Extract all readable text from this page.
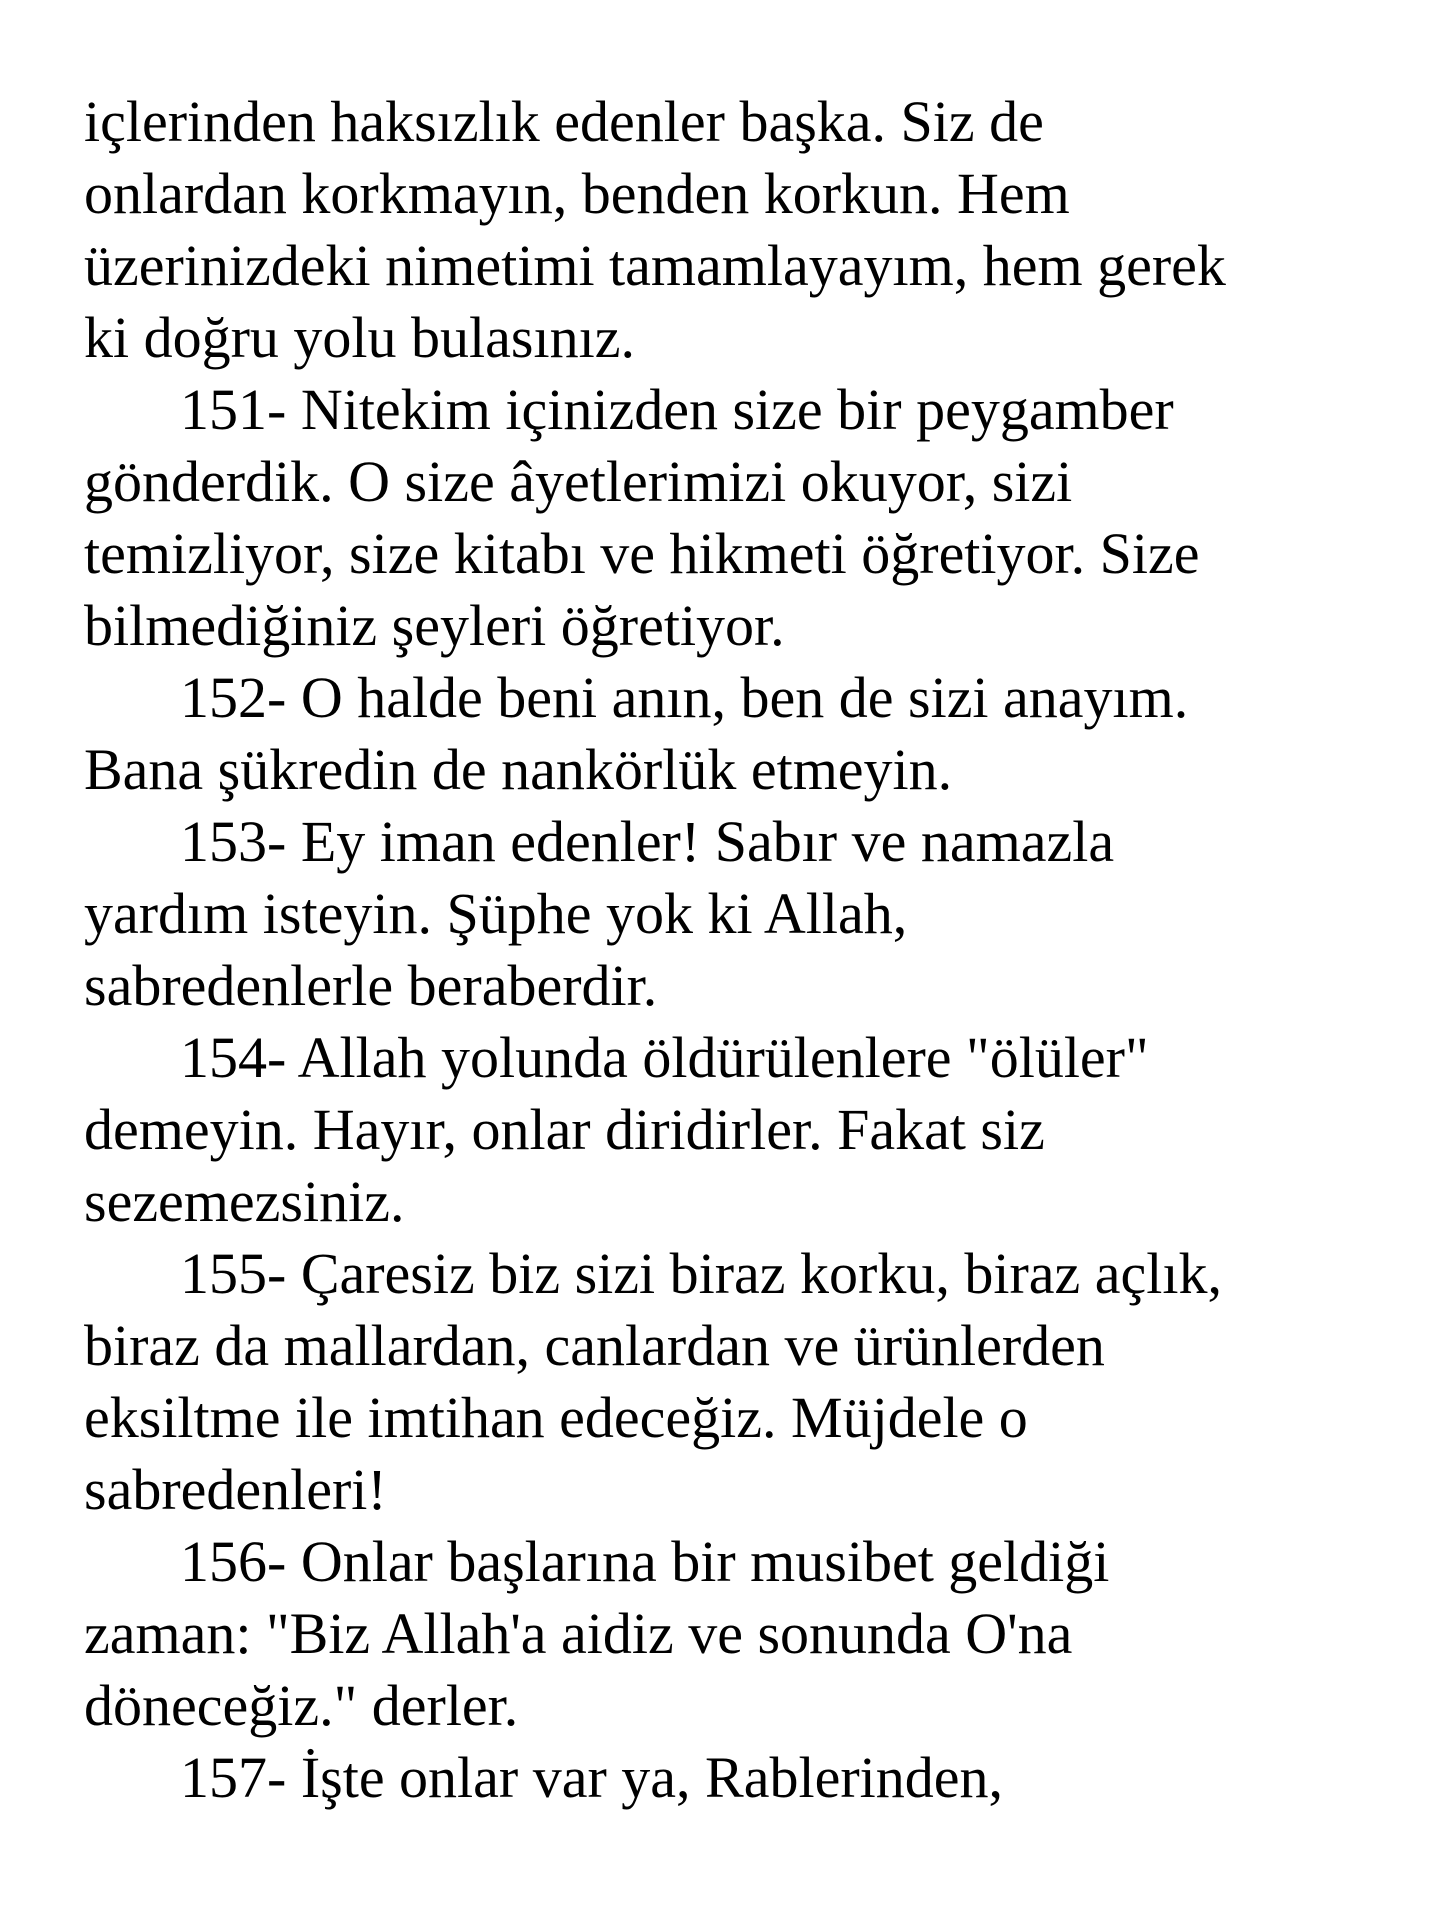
içlerinden haksızlık edenler başka. Siz de
onlardan korkmayın, benden korkun. Hem
üzerinizdeki nimetimi tamamlayayım, hem gerek
ki doğru yolu bulasınız.
151- Nitekim içinizden size bir peygamber
gönderdik. O size âyetlerimizi okuyor, sizi
temizliyor, size kitabı ve hikmeti öğretiyor. Size
bilmediğiniz şeyleri öğretiyor.
152- O halde beni anın, ben de sizi anayım.
Bana şükredin de nankörlük etmeyin.
153- Ey iman edenler! Sabır ve namazla
yardım isteyin. Şüphe yok ki Allah,
sabredenlerle beraberdir.
154- Allah yolunda öldürülenlere "ölüler"
demeyin. Hayır, onlar diridirler. Fakat siz
sezemezsiniz.
155- Çaresiz biz sizi biraz korku, biraz açlık,
biraz da mallardan, canlardan ve ürünlerden
eksiltme ile imtihan edeceğiz. Müjdele o
sabredenleri!
156- Onlar başlarına bir musibet geldiği
zaman: "Biz Allah'a aidiz ve sonunda O'na
döneceğiz." derler.
157- İşte onlar var ya, Rablerinden,
